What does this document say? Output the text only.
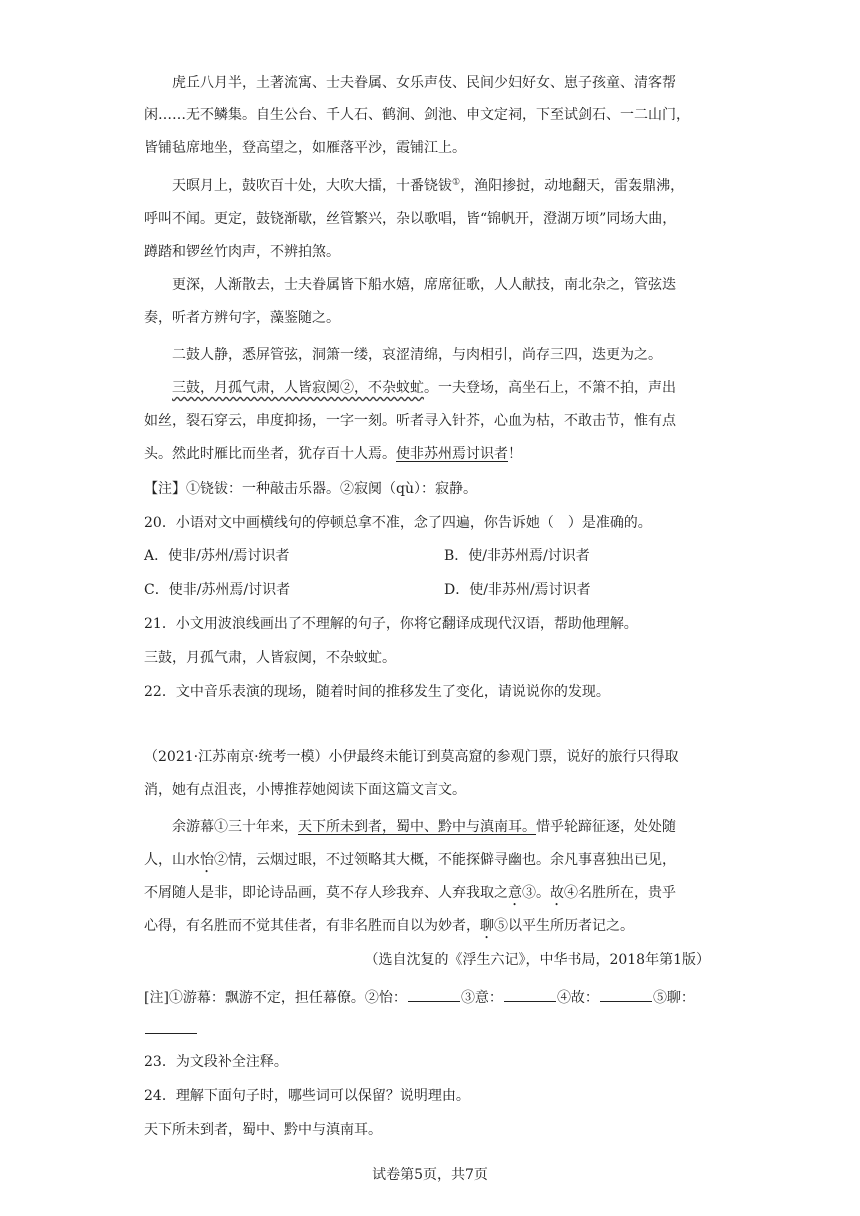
虎丘八月半，土著流寓、士夫眷属、女乐声伎、民间少妇好女、崽子孩童、清客帮
闲……无不鳞集。自生公台、千人石、鹤涧、剑池、申文定祠，下至试剑石、一二山门，
皆铺毡席地坐，登高望之，如雁落平沙，霞铺江上。
天暝月上，鼓吹百十处，大吹大擂，十番铙钹①，渔阳掺挝，动地翻天，雷轰鼎沸，
呼叫不闻。更定，鼓铙渐歇，丝管繁兴，杂以歌唱，皆“锦帆开，澄湖万顷”同场大曲，
蹲踏和锣丝竹肉声，不辨拍煞。
更深，人渐散去，士夫眷属皆下船水嬉，席席征歌，人人献技，南北杂之，管弦迭
奏，听者方辨句字，藻鉴随之。
二鼓人静，悉屏管弦，洞箫一缕，哀涩清绵，与肉相引，尚存三四，迭更为之。
三鼓，月孤气肃，人皆寂阒②，不杂蚊虻。一夫登场，高坐石上，不箫不拍，声出
如丝，裂石穿云，串度抑扬，一字一刻。听者寻入针芥，心血为枯，不敢击节，惟有点
头。然此时雁比而坐者，犹存百十人焉。使非苏州焉讨识者！
【注】①铙钹：一种敲击乐器。②寂阒（qù）：寂静。
20．小语对文中画横线句的停顿总拿不准，念了四遍，你告诉她（　）是准确的。
A．使非/苏州/焉讨识者	B．使/非苏州焉/讨识者
C．使非/苏州焉/讨识者	D．使/非苏州/焉讨识者
21．小文用波浪线画出了不理解的句子，你将它翻译成现代汉语，帮助他理解。
三鼓，月孤气肃，人皆寂阒，不杂蚊虻。
22．文中音乐表演的现场，随着时间的推移发生了变化，请说说你的发现。
（2021·江苏南京·统考一模）小伊最终未能订到莫高窟的参观门票，说好的旅行只得取
消，她有点沮丧，小博推荐她阅读下面这篇文言文。
余游幕①三十年来，天下所未到者，蜀中、黔中与滇南耳。惜乎轮蹄征逐，处处随
人，山水怡②情，云烟过眼，不过领略其大概，不能探僻寻幽也。余凡事喜独出已见，
不屑随人是非，即论诗品画，莫不存人珍我弃、人弃我取之意③。故④名胜所在，贵乎
心得，有名胜而不觉其佳者，有非名胜而自以为妙者，聊⑤以平生所历者记之。
（选自沈复的《浮生六记》，中华书局，2018年第1版）
[注]①游幕：飘游不定，担任幕僚。②怡：	③意：	④故：	⑤聊：
23．为文段补全注释。
24．理解下面句子时，哪些词可以保留？说明理由。
天下所未到者，蜀中、黔中与滇南耳。
试卷第5页，共7页
